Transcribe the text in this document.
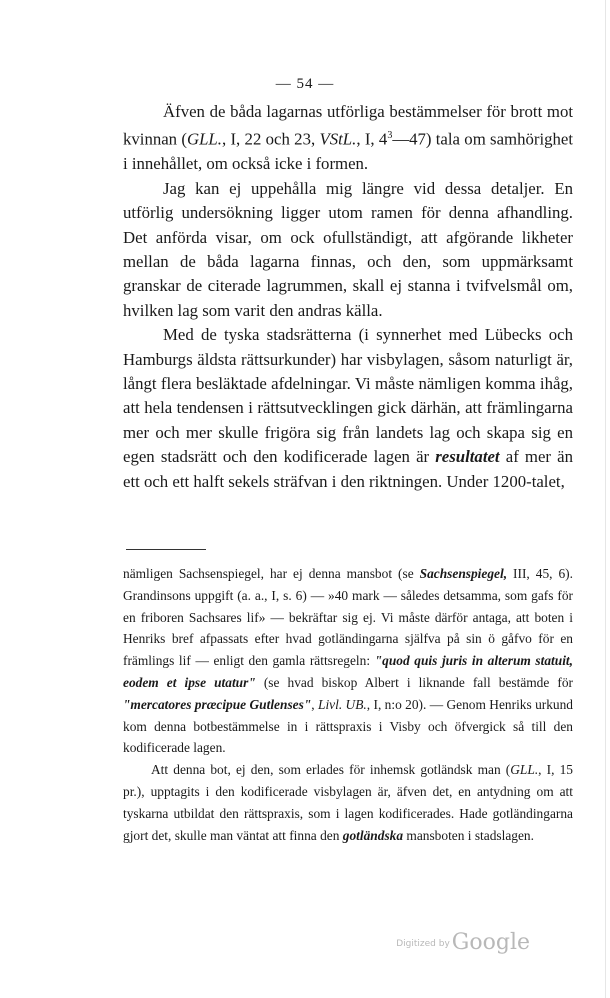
— 54 —

Äfven de båda lagarnas utförliga bestämmelser för brott mot kvinnan (GLL., I, 22 och 23, VStL., I, $4^3—47$) tala om samhörighet i innehållet, om också icke i formen.

Jag kan ej uppehålla mig längre vid dessa detaljer. En utförlig undersökning ligger utom ramen för denna afhandling. Det anförda visar, om ock ofullständigt, att afgörande likheter mellan de båda lagarna finnas, och den, som uppmärksamt granskar de citerade lagrummen, skall ej stanna i tvifvelsmål om, hvilken lag som varit den andras källa.

Med de tyska stadsrätterna (i synnerhet med Lübecks och Hamburgs äldsta rättsurkunder) har visbylagen, såsom naturligt är, långt flera besläktade afdelningar. Vi måste nämligen komma ihåg, att hela tendensen i rättsutvecklingen gick därhän, att främlingarna mer och mer skulle frigöra sig från landets lag och skapa sig en egen stadsrätt och den kodificerade lagen är resultatet af mer än ett och ett halft sekels sträfvan i den riktningen. Under 1200-talet,

nämligen Sachsenspiegel, har ej denna mansbot (se Sachsenspiegel, III, 45, 6). Grandinsons uppgift (a. a., I, s. 6) — »40 mark — således detsamma, som gafs för en friboren Sachsares lif» — bekräftar sig ej. Vi måste därför antaga, att boten i Henriks bref afpassats efter hvad gotländingarna själfva på sin ö gåfvo för en främlings lif — enligt den gamla rättsregeln: "quod quis juris in alterum statuit, eodem et ipse utatur" (se hvad biskop Albert i liknande fall bestämde för "mercatores præcipue Gutlenses", Livl. UB., I, n:o 20). — Genom Henriks urkund kom denna botbestämmelse in i rättspraxis i Visby och öfvergick så till den kodificerade lagen.

Att denna bot, ej den, som erlades för inhemsk gotländsk man (GLL., I, 15 pr.), upptagits i den kodificerade visbylagen är, äfven det, en antydning om att tyskarna utbildat den rättspraxis, som i lagen kodificerades. Hade gotländingarna gjort det, skulle man väntat att finna den gotländska mansboten i stadslagen.

Digitized byGoogle
